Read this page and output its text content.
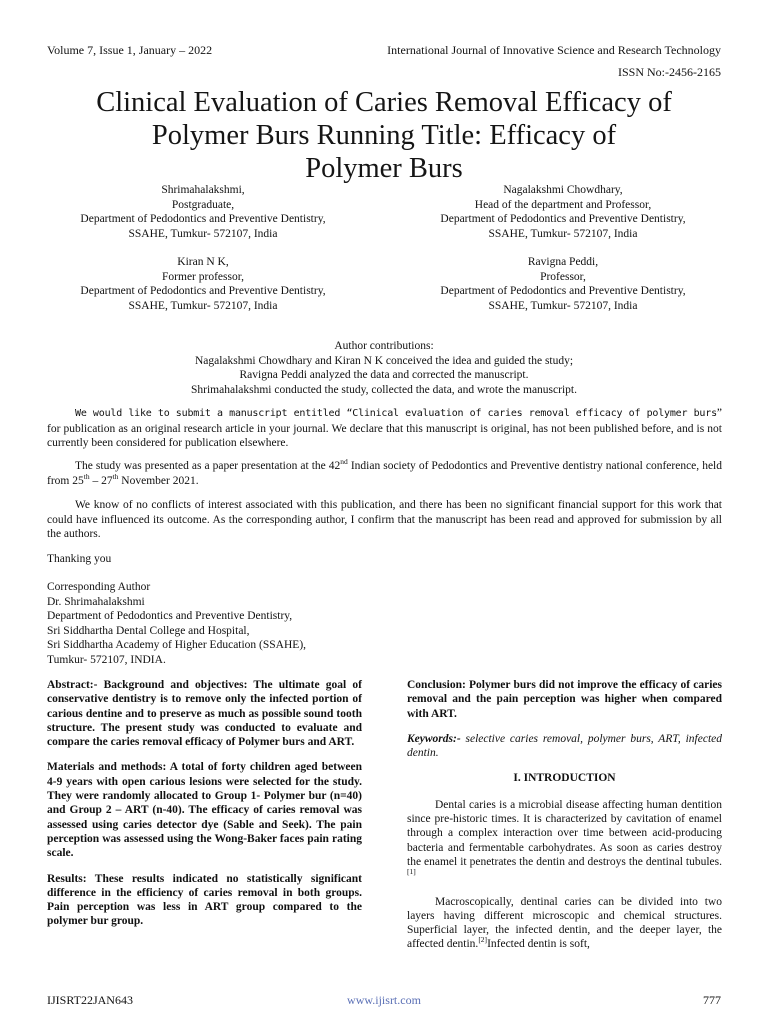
Volume 7, Issue 1, January – 2022	International Journal of Innovative Science and Research Technology
ISSN No:-2456-2165
Clinical Evaluation of Caries Removal Efficacy of
Polymer Burs Running Title: Efficacy of
Polymer Burs
Shrimahalakshmi,
Postgraduate,
Department of Pedodontics and Preventive Dentistry,
SSAHE, Tumkur- 572107, India
Nagalakshmi Chowdhary,
Head of the department and Professor,
Department of Pedodontics and Preventive Dentistry,
SSAHE, Tumkur- 572107, India
Kiran N K,
Former professor,
Department of Pedodontics and Preventive Dentistry,
SSAHE, Tumkur- 572107, India
Ravigna Peddi,
Professor,
Department of Pedodontics and Preventive Dentistry,
SSAHE, Tumkur- 572107, India
Author contributions:
Nagalakshmi Chowdhary and Kiran N K conceived the idea and guided the study;
Ravigna Peddi analyzed the data and corrected the manuscript.
Shrimahalakshmi conducted the study, collected the data, and wrote the manuscript.
We would like to submit a manuscript entitled “Clinical evaluation of caries removal efficacy of polymer burs” for publication as an original research article in your journal. We declare that this manuscript is original, has not been published before, and is not currently been considered for publication elsewhere.
The study was presented as a paper presentation at the 42nd Indian society of Pedodontics and Preventive dentistry national conference, held from 25th – 27th November 2021.
We know of no conflicts of interest associated with this publication, and there has been no significant financial support for this work that could have influenced its outcome. As the corresponding author, I confirm that the manuscript has been read and approved for submission by all the authors.
Thanking you
Corresponding Author
Dr. Shrimahalakshmi
Department of Pedodontics and Preventive Dentistry,
Sri Siddhartha Dental College and Hospital,
Sri Siddhartha Academy of Higher Education (SSAHE),
Tumkur- 572107, INDIA.

Abstract:- Background and objectives: The ultimate goal of conservative dentistry is to remove only the infected portion of carious dentine and to preserve as much as possible sound tooth structure. The present study was conducted to evaluate and compare the caries removal efficacy of Polymer burs and ART.

Materials and methods: A total of forty children aged between 4-9 years with open carious lesions were selected for the study. They were randomly allocated to Group 1- Polymer bur (n=40) and Group 2 – ART (n-40). The efficacy of caries removal was assessed using caries detector dye (Sable and Seek). The pain perception was assessed using the Wong-Baker faces pain rating scale.

Results: These results indicated no statistically significant difference in the efficiency of caries removal in both groups. Pain perception was less in ART group compared to the polymer bur group.

Conclusion: Polymer burs did not improve the efficacy of caries removal and the pain perception was higher when compared with ART.

Keywords:- selective caries removal, polymer burs, ART, infected dentin.

I. INTRODUCTION

Dental caries is a microbial disease affecting human dentition since pre-historic times. It is characterized by cavitation of enamel through a complex interaction over time between acid-producing bacteria and fermentable carbohydrates. As soon as caries destroy the enamel it penetrates the dentin and destroys the dentinal tubules.[1]

Macroscopically, dentinal caries can be divided into two layers having different microscopic and chemical structures. Superficial layer, the infected dentin, and the deeper layer, the affected dentin.[2]Infected dentin is soft,

IJISRT22JAN643	www.ijisrt.com	777
